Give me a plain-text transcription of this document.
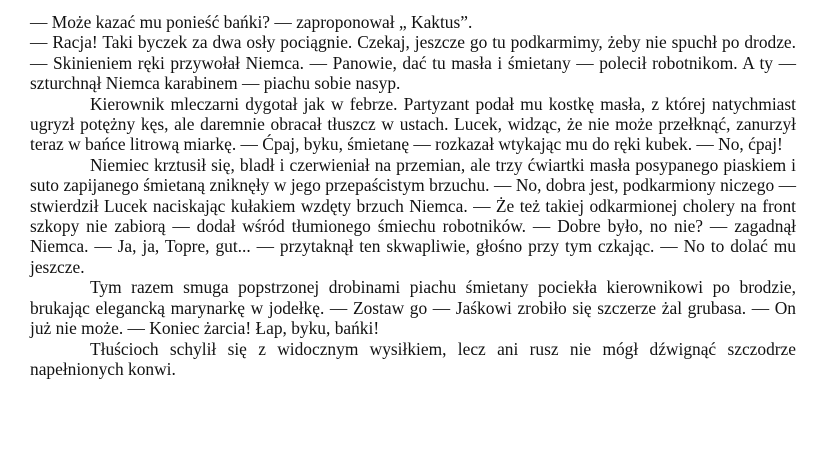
— Może kazać mu ponieść bańki? — zaproponował „ Kaktus”.

— Racja! Taki byczek za dwa osły pociągnie. Czekaj, jeszcze go tu podkarmimy, żeby nie spuchł po drodze. — Skinieniem ręki przywołał Niemca. — Panowie, dać tu masła i śmietany — polecił robotnikom. A ty — szturchnął Niemca karabinem — piachu sobie nasyp.

Kierownik mleczarni dygotał jak w febrze. Partyzant podał mu kostkę masła, z której natychmiast ugryzł potężny kęs, ale daremnie obracał tłuszcz w ustach. Lucek, widząc, że nie może przełknąć, zanurzył teraz w bańce litrową miarkę. — Ćpaj, byku, śmietanę — rozkazał wtykając mu do ręki kubek. — No, ćpaj!

Niemiec krztusił się, bladł i czerwieniał na przemian, ale trzy ćwiartki masła posypanego piaskiem i suto zapijanego śmietaną zniknęły w jego przepaścistym brzuchu. — No, dobra jest, podkarmiony niczego — stwierdził Lucek naciskając kułakiem wzdęty brzuch Niemca. — Że też takiej odkarmionej cholery na front szkopy nie zabiorą — dodał wśród tłumionego śmiechu robotników. — Dobre było, no nie? — zagadnął Niemca. — Ja, ja, Topre, gut... — przytaknął ten skwapliwie, głośno przy tym czkając. — No to dolać mu jeszcze.

Tym razem smuga popstrzonej drobinami piachu śmietany pociekła kierownikowi po brodzie, brukając elegancką marynarkę w jodełkę. — Zostaw go — Jaśkowi zrobiło się szczerze żal grubasa. — On już nie może. — Koniec żarcia! Łap, byku, bańki!

Tłuścioch schylił się z widocznym wysiłkiem, lecz ani rusz nie mógł dźwignąć szczodrze napełnionych konwi.
